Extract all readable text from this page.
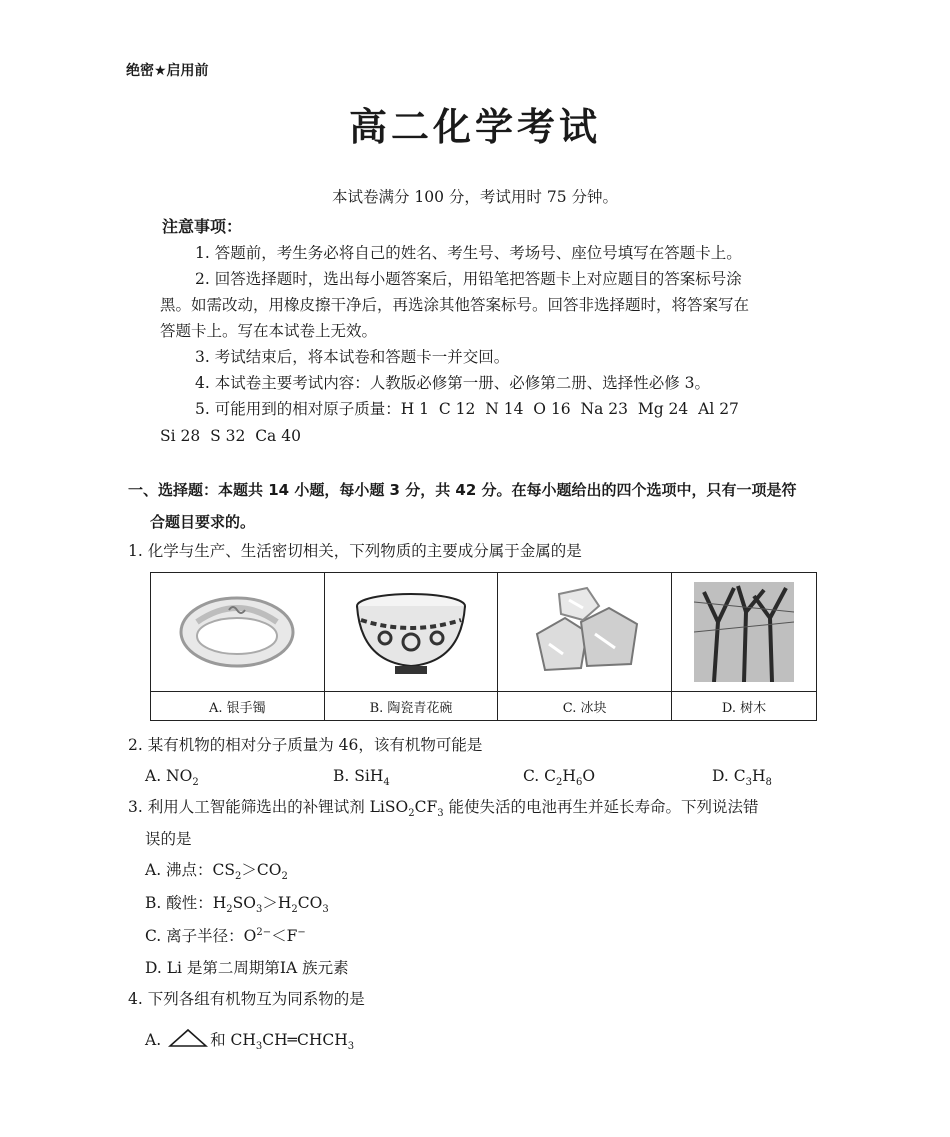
绝密★启用前
高二化学考试
本试卷满分 100 分，考试用时 75 分钟。
注意事项：
1. 答题前，考生务必将自己的姓名、考生号、考场号、座位号填写在答题卡上。
2. 回答选择题时，选出每小题答案后，用铅笔把答题卡上对应题目的答案标号涂
黑。如需改动，用橡皮擦干净后，再选涂其他答案标号。回答非选择题时，将答案写在
答题卡上。写在本试卷上无效。
3. 考试结束后，将本试卷和答题卡一并交回。
4. 本试卷主要考试内容：人教版必修第一册、必修第二册、选择性必修 3。
5. 可能用到的相对原子质量：H 1  C 12  N 14  O 16  Na 23  Mg 24  Al 27
Si 28  S 32  Ca 40
一、选择题：本题共 14 小题，每小题 3 分，共 42 分。在每小题给出的四个选项中，只有一项是符
合题目要求的。
1. 化学与生产、生活密切相关，下列物质的主要成分属于金属的是

A. 银手镯	B. 陶瓷青花碗	C. 冰块	D. 树木
2. 某有机物的相对分子质量为 46，该有机物可能是
A. $NO_2$	B. SiH$_4$	C. $C_2H_6O$	D. $C_3H_8$
3. 利用人工智能筛选出的补锂试剂 $LiSO_2CF_3$ 能使失活的电池再生并延长寿命。下列说法错
误的是
A. 沸点：$CS_2>CO_2$
B. 酸性：$H_2SO_3>H_2CO_3$
C. 离子半径：$O^{2-}<F^-$
D. Li 是第二周期第ⅠA 族元素
4. 下列各组有机物互为同系物的是
A.	和 $CH_3CH═CHCH_3$
